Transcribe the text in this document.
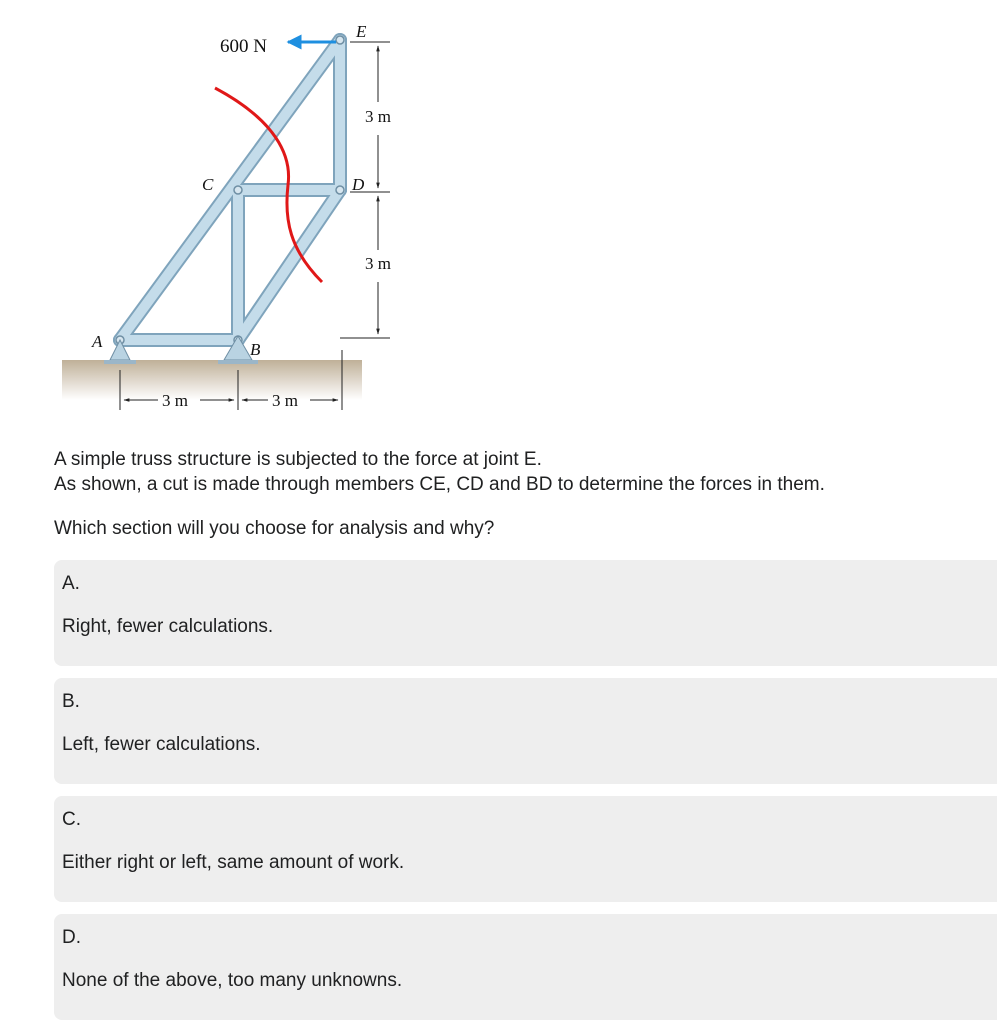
600 N
A	B
C	D
E
3 m
3 m
3 m	3 m

A simple truss structure is subjected to the force at joint E.

As shown, a cut is made through members CE, CD and BD to determine the forces in them.

Which section will you choose for analysis and why?

A.
Right, fewer calculations.
B.
Left, fewer calculations.
C.
Either right or left, same amount of work.
D.
None of the above, too many unknowns.
